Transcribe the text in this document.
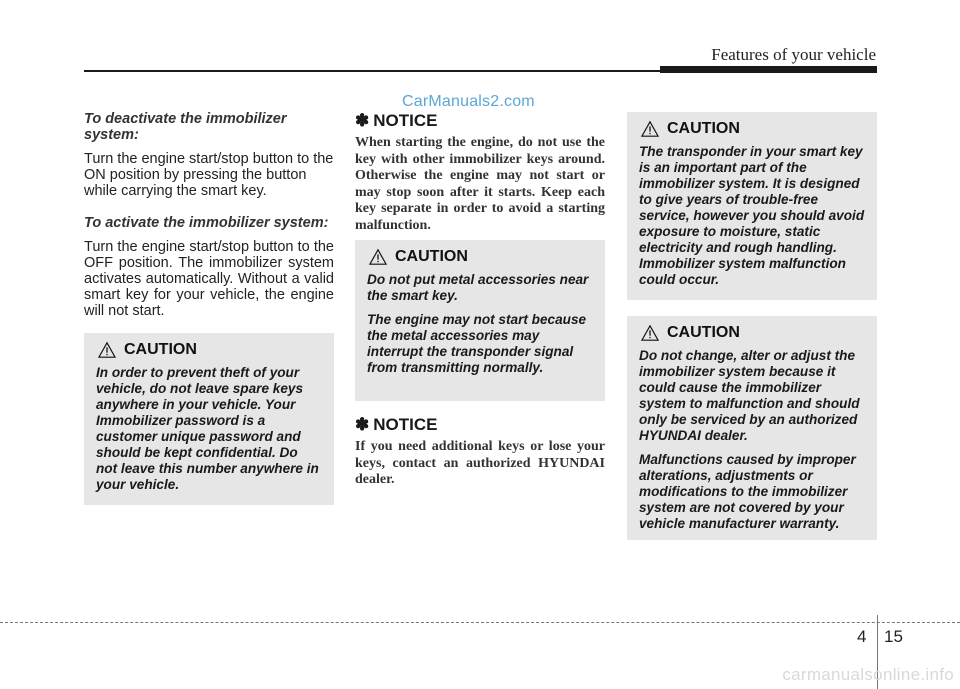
Features of your vehicle
CarManuals2.com

To deactivate the immobilizer system:

Turn the engine start/stop button to the ON position by pressing the button while carrying the smart key.

To activate the immobilizer system:

Turn the engine start/stop button to the OFF position. The immobilizer system activates automatically. Without a valid smart key for your vehicle, the engine will not start.

CAUTION

In order to prevent theft of your vehicle, do not leave spare keys anywhere in your vehicle. Your Immobilizer password is a customer unique password and should be kept confidential. Do not leave this number anywhere in your vehicle.

✽ NOTICE

When starting the engine, do not use the key with other immobilizer keys around. Otherwise the engine may not start or may stop soon after it starts. Keep each key separate in order to avoid a starting malfunction.

CAUTION

Do not put metal accessories near the smart key.

The engine may not start because the metal accessories may interrupt the transponder signal from transmitting normally.

✽ NOTICE

If you need additional keys or lose your keys, contact an authorized HYUNDAI dealer.

CAUTION

The transponder in your smart key is an important part of the immobilizer system. It is designed to give years of trouble-free service, however you should avoid exposure to moisture, static electricity and rough handling. Immobilizer system malfunction could occur.

CAUTION

Do not change, alter or adjust the immobilizer system because it could cause the immobilizer system to malfunction and should only be serviced by an authorized HYUNDAI dealer.

Malfunctions caused by improper alterations, adjustments or modifications to the immobilizer system are not covered by your vehicle manufacturer warranty.

4 15
carmanualsonline.info
